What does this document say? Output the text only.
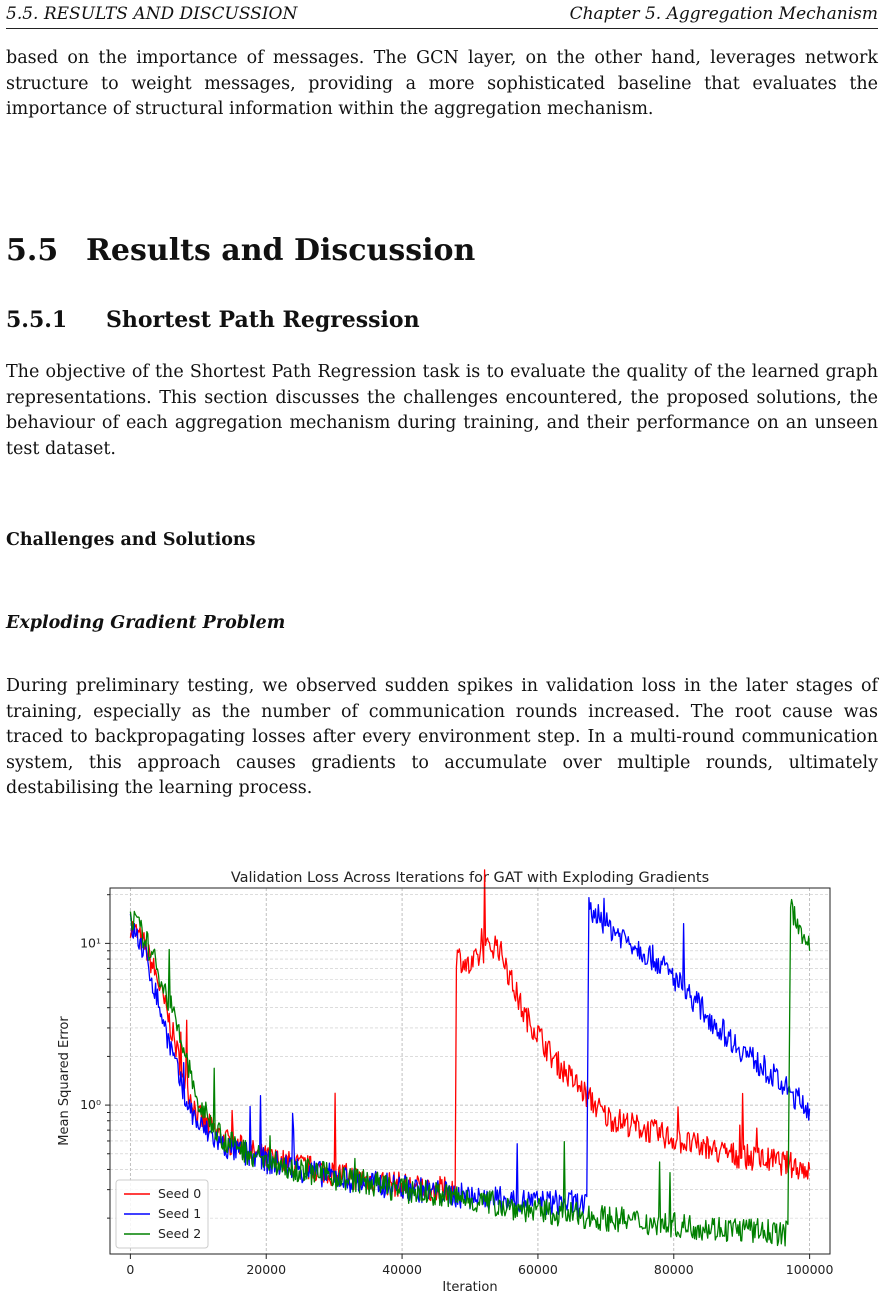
5.5. RESULTS AND DISCUSSION	Chapter 5. Aggregation Mechanism

based on the importance of messages. The GCN layer, on the other hand, leverages network structure to weight messages, providing a more sophisticated baseline that evaluates the importance of structural information within the aggregation mechanism.

5.5 Results and Discussion
5.5.1 Shortest Path Regression

The objective of the Shortest Path Regression task is to evaluate the quality of the learned graph representations. This section discusses the challenges encountered, the proposed solutions, the behaviour of each aggregation mechanism during training, and their performance on an unseen test dataset.

Challenges and Solutions
Exploding Gradient Problem

During preliminary testing, we observed sudden spikes in validation loss in the later stages of training, especially as the number of communication rounds increased. The root cause was traced to backpropagating losses after every environment step. In a multi-round communication system, this approach causes gradients to accumulate over multiple rounds, ultimately destabilising the learning process.

Validation Loss Across Iterations for GAT with Exploding Gradients
0	20000	40000	60000	80000	100000
10⁰
10¹
Iteration
Mean Squared Error
Seed 0
Seed 1
Seed 2
